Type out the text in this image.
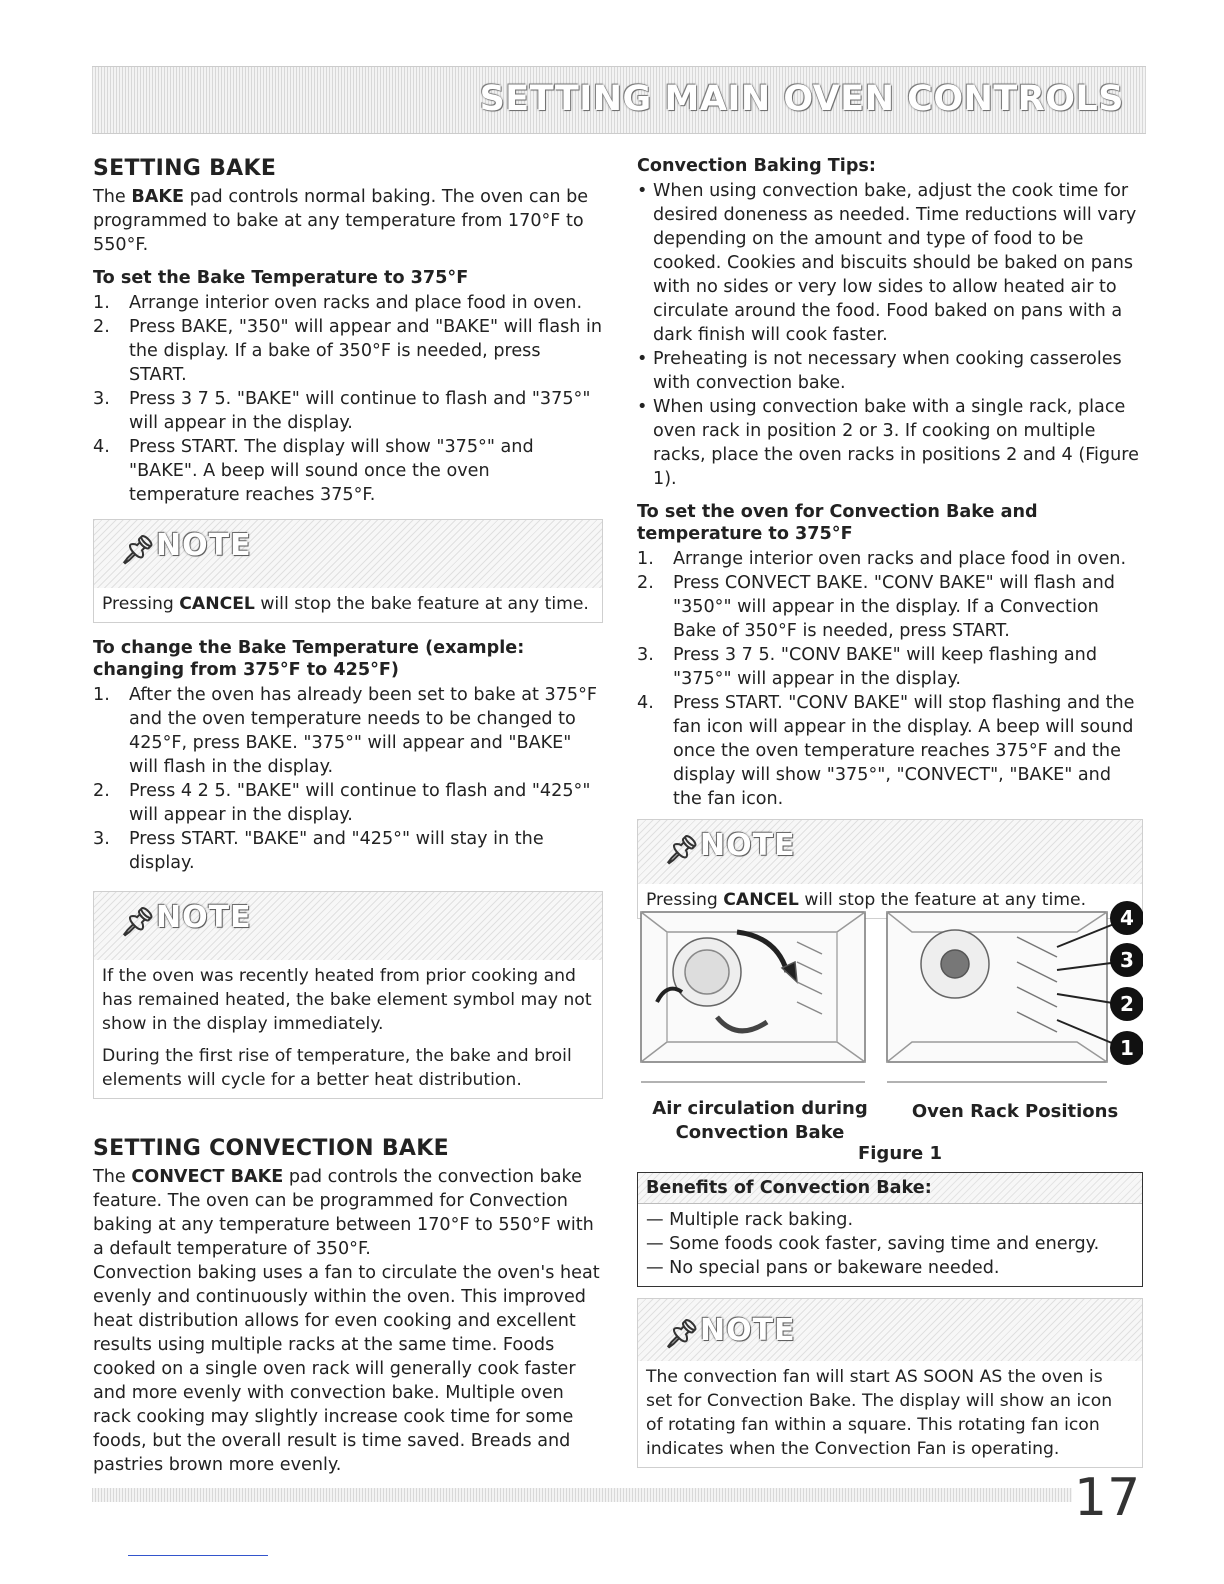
SETTING MAIN OVEN CONTROLS
SETTING BAKE

The BAKE pad controls normal baking. The oven can be programmed to bake at any temperature from 170°F to 550°F.

To set the Bake Temperature to 375°F
1. Arrange interior oven racks and place food in oven.
2. Press BAKE, "350" will appear and "BAKE" will flash in the display. If a bake of 350°F is needed, press START.
3. Press 3 7 5. "BAKE" will continue to flash and "375°" will appear in the display.
4. Press START. The display will show "375°" and "BAKE". A beep will sound once the oven temperature reaches 375°F.
📌︎ NOTE
Pressing CANCEL will stop the bake feature at any time.
To change the Bake Temperature (example: changing from 375°F to 425°F)
1. After the oven has already been set to bake at 375°F and the oven temperature needs to be changed to 425°F, press BAKE. "375°" will appear and "BAKE" will flash in the display.
2. Press 4 2 5. "BAKE" will continue to flash and "425°" will appear in the display.
3. Press START. "BAKE" and "425°" will stay in the display.
📌︎ NOTE

If the oven was recently heated from prior cooking and has remained heated, the bake element symbol may not show in the display immediately.

During the first rise of temperature, the bake and broil elements will cycle for a better heat distribution.

SETTING CONVECTION BAKE

The CONVECT BAKE pad controls the convection bake feature. The oven can be programmed for Convection baking at any temperature between 170°F to 550°F with a default temperature of 350°F.

Convection baking uses a fan to circulate the oven's heat evenly and continuously within the oven. This improved heat distribution allows for even cooking and excellent results using multiple racks at the same time. Foods cooked on a single oven rack will generally cook faster and more evenly with convection bake. Multiple oven rack cooking may slightly increase cook time for some foods, but the overall result is time saved. Breads and pastries brown more evenly.

Convection Baking Tips:
• When using convection bake, adjust the cook time for desired doneness as needed. Time reductions will vary depending on the amount and type of food to be cooked. Cookies and biscuits should be baked on pans with no sides or very low sides to allow heated air to circulate around the food. Food baked on pans with a dark finish will cook faster.
• Preheating is not necessary when cooking casseroles with convection bake.
• When using convection bake with a single rack, place oven rack in position 2 or 3. If cooking on multiple racks, place the oven racks in positions 2 and 4 (Figure 1).
To set the oven for Convection Bake and temperature to 375°F
1. Arrange interior oven racks and place food in oven.
2. Press CONVECT BAKE. "CONV BAKE" will flash and "350°" will appear in the display. If a Convection Bake of 350°F is needed, press START.
3. Press 3 7 5. "CONV BAKE" will keep flashing and "375°" will appear in the display.
4. Press START. "CONV BAKE" will stop flashing and the fan icon will appear in the display. A beep will sound once the oven temperature reaches 375°F and the display will show "375°", "CONVECT", "BAKE" and the fan icon.
📌︎ NOTE
Pressing CANCEL will stop the feature at any time.
4
3
2
1
Air circulation during Convection Bake
Oven Rack Positions
Figure 1
Benefits of Convection Bake:
— Multiple rack baking.
— Some foods cook faster, saving time and energy.
— No special pans or bakeware needed.
📌︎ NOTE
The convection fan will start AS SOON AS the oven is set for Convection Bake. The display will show an icon of rotating fan within a square. This rotating fan icon indicates when the Convection Fan is operating.
17
